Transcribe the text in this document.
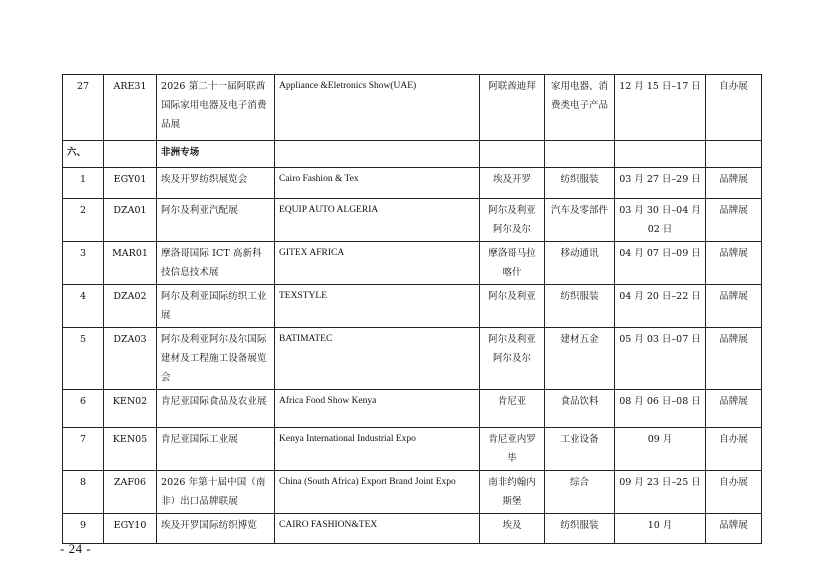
27	ARE31	2026 第二十一届阿联酋国际家用电器及电子消费品展	Appliance &Eletronics Show(UAE)	阿联酋迪拜	家用电器、消费类电子产品	12 月 15 日–17 日	自办展
六、		非洲专场					
1	EGY01	埃及开罗纺织展览会	Cairo Fashion & Tex	埃及开罗	纺织服装	03 月 27 日–29 日	品牌展
2	DZA01	阿尔及利亚汽配展	EQUIP AUTO ALGERIA	阿尔及利亚阿尔及尔	汽车及零部件	03 月 30 日–04 月 02 日	品牌展
3	MAR01	摩洛哥国际 ICT 高新科技信息技术展	GITEX AFRICA	摩洛哥马拉喀什	移动通讯	04 月 07 日–09 日	品牌展
4	DZA02	阿尔及利亚国际纺织工业展	TEXSTYLE	阿尔及利亚	纺织服装	04 月 20 日–22 日	品牌展
5	DZA03	阿尔及利亚阿尔及尔国际建材及工程施工设备展览会	BATIMATEC	阿尔及利亚阿尔及尔	建材五金	05 月 03 日–07 日	品牌展
6	KEN02	肯尼亚国际食品及农业展	Africa Food Show Kenya	肯尼亚	食品饮料	08 月 06 日–08 日	品牌展
7	KEN05	肯尼亚国际工业展	Kenya International Industrial Expo	肯尼亚内罗毕	工业设备	09 月	自办展
8	ZAF06	2026 年第十届中国（南非）出口品牌联展	China (South Africa) Export Brand Joint Expo	南非约翰内斯堡	综合	09 月 23 日–25 日	自办展
9	EGY10	埃及开罗国际纺织博览	CAIRO FASHION&TEX	埃及	纺织服装	10 月	品牌展
- 24 -
